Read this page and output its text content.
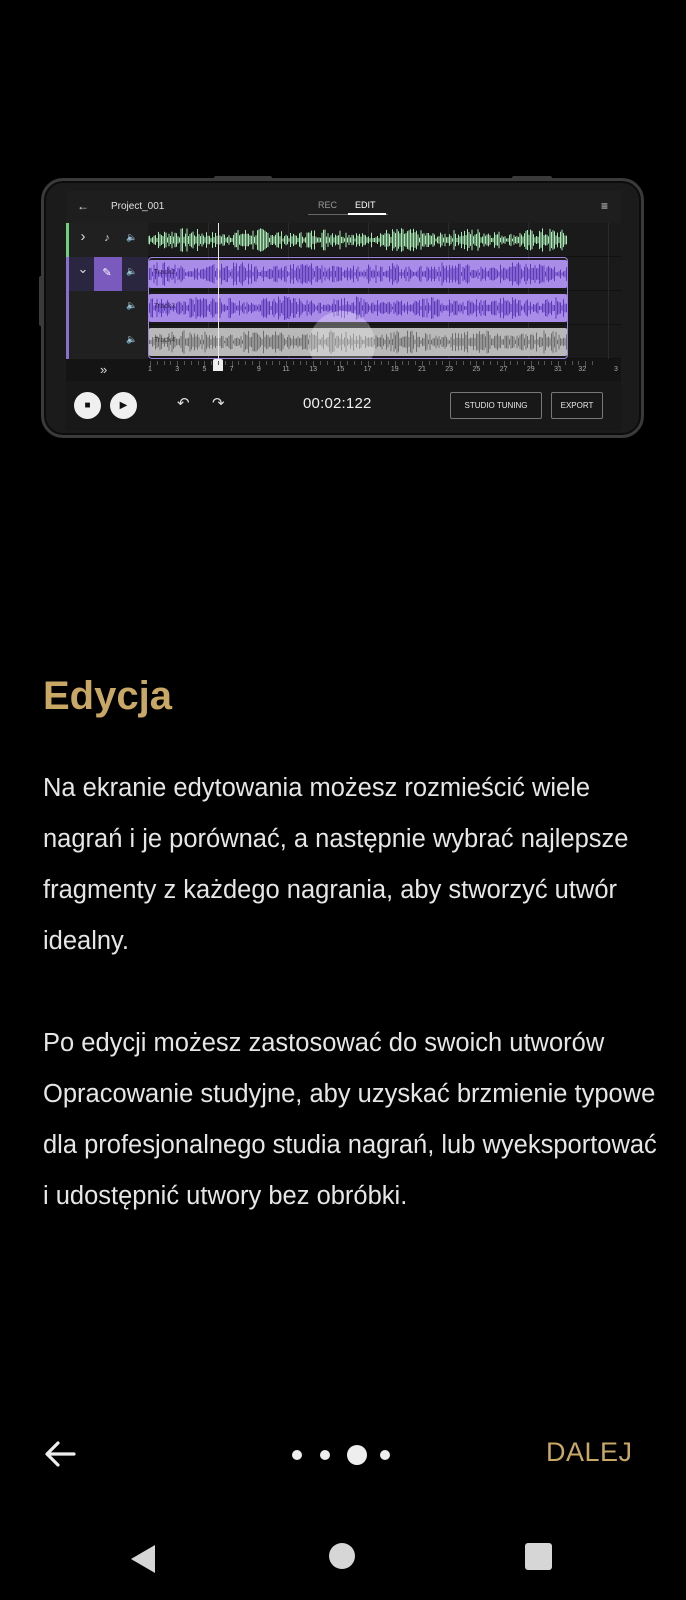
← Project_001	REC EDIT	≡
›	♪	🔈
⌄	✎	🔈	Track2
🔈	Track3
🔈	Track4
»	1	3	5	7	9	11	13	15	17	19	21	23	25	27	29	31	32	3
■	▶	↶ ↷	00:02:122	STUDIO TUNING	EXPORT
Edycja

Na ekranie edytowania możesz rozmieścić wiele nagrań i je porównać, a następnie wybrać najlepsze fragmenty z każdego nagrania, aby stworzyć utwór idealny.

Po edycji możesz zastosować do swoich utworów Opracowanie studyjne, aby uzyskać brzmienie typowe dla profesjonalnego studia nagrań, lub wyeksportować i udostępnić utwory bez obróbki.

DALEJ
